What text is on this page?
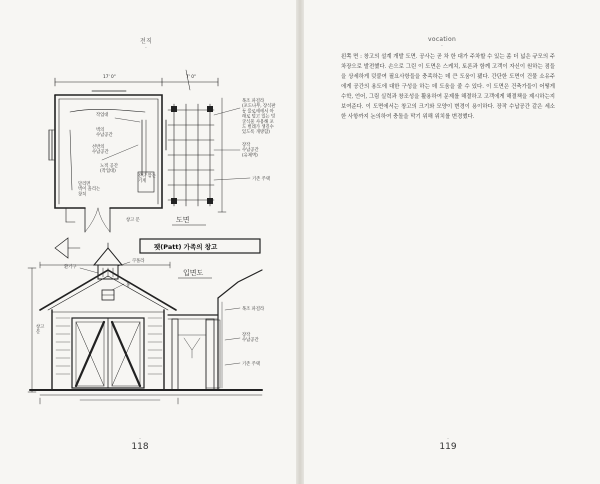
전직
-
vocation
-
17' 0"	7' 0"
작업대
벽의 수납공간
선반의 수납공간
노적 공간 (작업대)
달리면 벽이 올리는 창치
잔디 깎는 기계
창고 문
목조 파걸라 (포도나무, 장식판 등 물로에에서 아 래로 덮고 있는 덩 굴식물 사용해 포 도 벌레가 생길수 있도록 개방함)
장작 수납공간 (유체벽)
기존 주택
도면
팻(Patt) 가족의 창고
입면도
환기구
쿠폴라
홈
창고 문
목조 파걸라
장작 수납공간
기존 주택

왼쪽 면 : 창고의 설계 개발 도면. 공사는 곧 차 한 대가 주차할 수 있는 좀 더 넓은 규모의 주차장으로 발전했다. 손으로 그린 이 도면은 스케치, 토론과 함께 고객이 자신이 원하는 점들을 상세하게 덧붙여 필요사항들을 충족하는 데 큰 도움이 됐다. 간단한 도면이 건물 소유주에게 공간의 용도에 대한 구성을 하는 데 도움을 줄 수 있다. 이 도면은 건축가들이 어떻게 수학, 언어, 그림 실력과 창조성을 활용하여 문제를 해결하고 고객에게 해결책을 제시하는지 보여준다. 이 도면에서는 창고의 크기와 모양이 변경이 용이하다. 장작 수납공간 같은 세소한 사항까지 논의하여 충돌을 막기 위해 위치를 변경했다.

-
118
-
119
